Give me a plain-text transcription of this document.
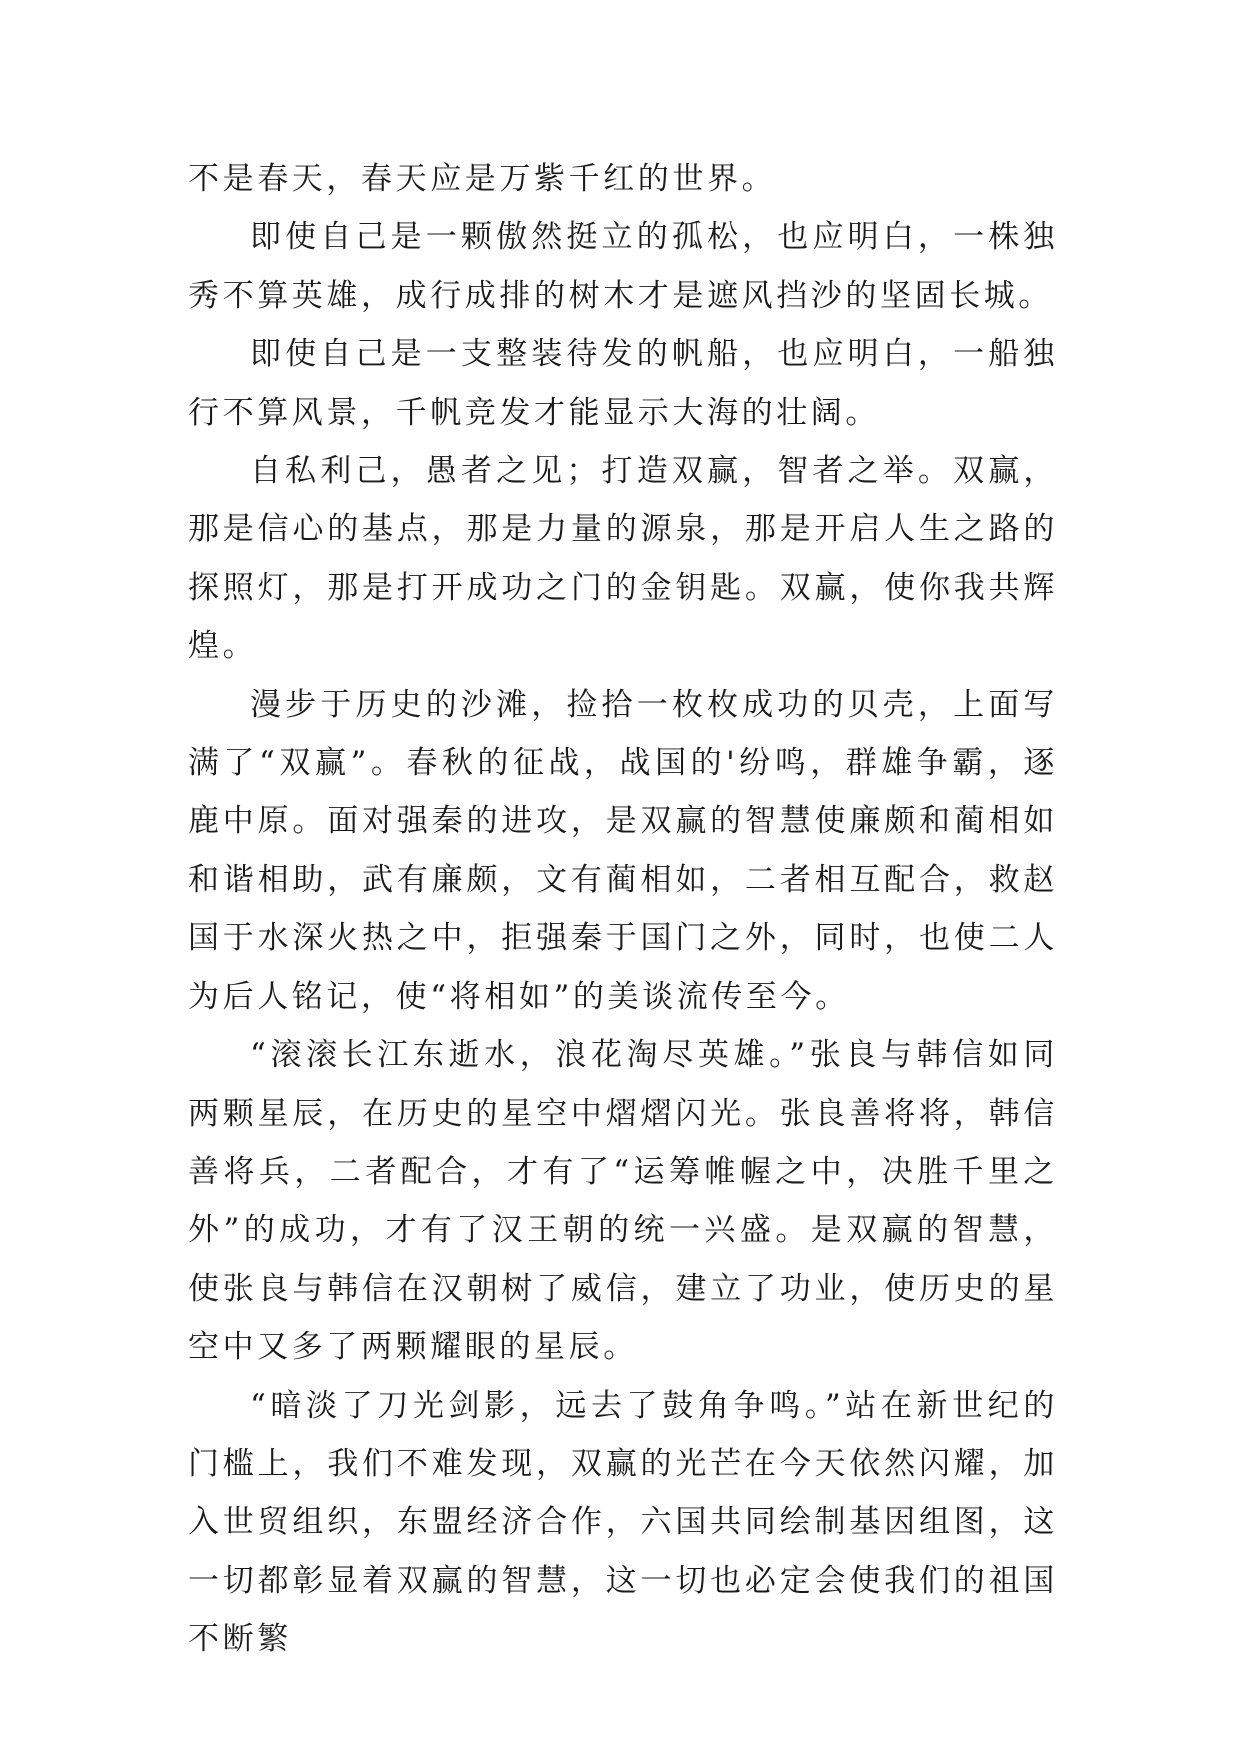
不是春天，春天应是万紫千红的世界。

即使自己是一颗傲然挺立的孤松，也应明白，一株独秀不算英雄，成行成排的树木才是遮风挡沙的坚固长城。

即使自己是一支整装待发的帆船，也应明白，一船独行不算风景，千帆竞发才能显示大海的壮阔。

自私利己，愚者之见；打造双赢，智者之举。双赢，那是信心的基点，那是力量的源泉，那是开启人生之路的探照灯，那是打开成功之门的金钥匙。双赢，使你我共辉煌。

漫步于历史的沙滩，捡拾一枚枚成功的贝壳，上面写满了“双赢”。春秋的征战，战国的'纷鸣，群雄争霸，逐鹿中原。面对强秦的进攻，是双赢的智慧使廉颇和蔺相如和谐相助，武有廉颇，文有蔺相如，二者相互配合，救赵国于水深火热之中，拒强秦于国门之外，同时，也使二人为后人铭记，使“将相如”的美谈流传至今。

“滚滚长江东逝水，浪花淘尽英雄。”张良与韩信如同两颗星辰，在历史的星空中熠熠闪光。张良善将将，韩信善将兵，二者配合，才有了“运筹帷幄之中，决胜千里之外”的成功，才有了汉王朝的统一兴盛。是双赢的智慧，使张良与韩信在汉朝树了威信，建立了功业，使历史的星空中又多了两颗耀眼的星辰。

“暗淡了刀光剑影，远去了鼓角争鸣。”站在新世纪的门槛上，我们不难发现，双赢的光芒在今天依然闪耀，加入世贸组织，东盟经济合作，六国共同绘制基因组图，这一切都彰显着双赢的智慧，这一切也必定会使我们的祖国不断繁
